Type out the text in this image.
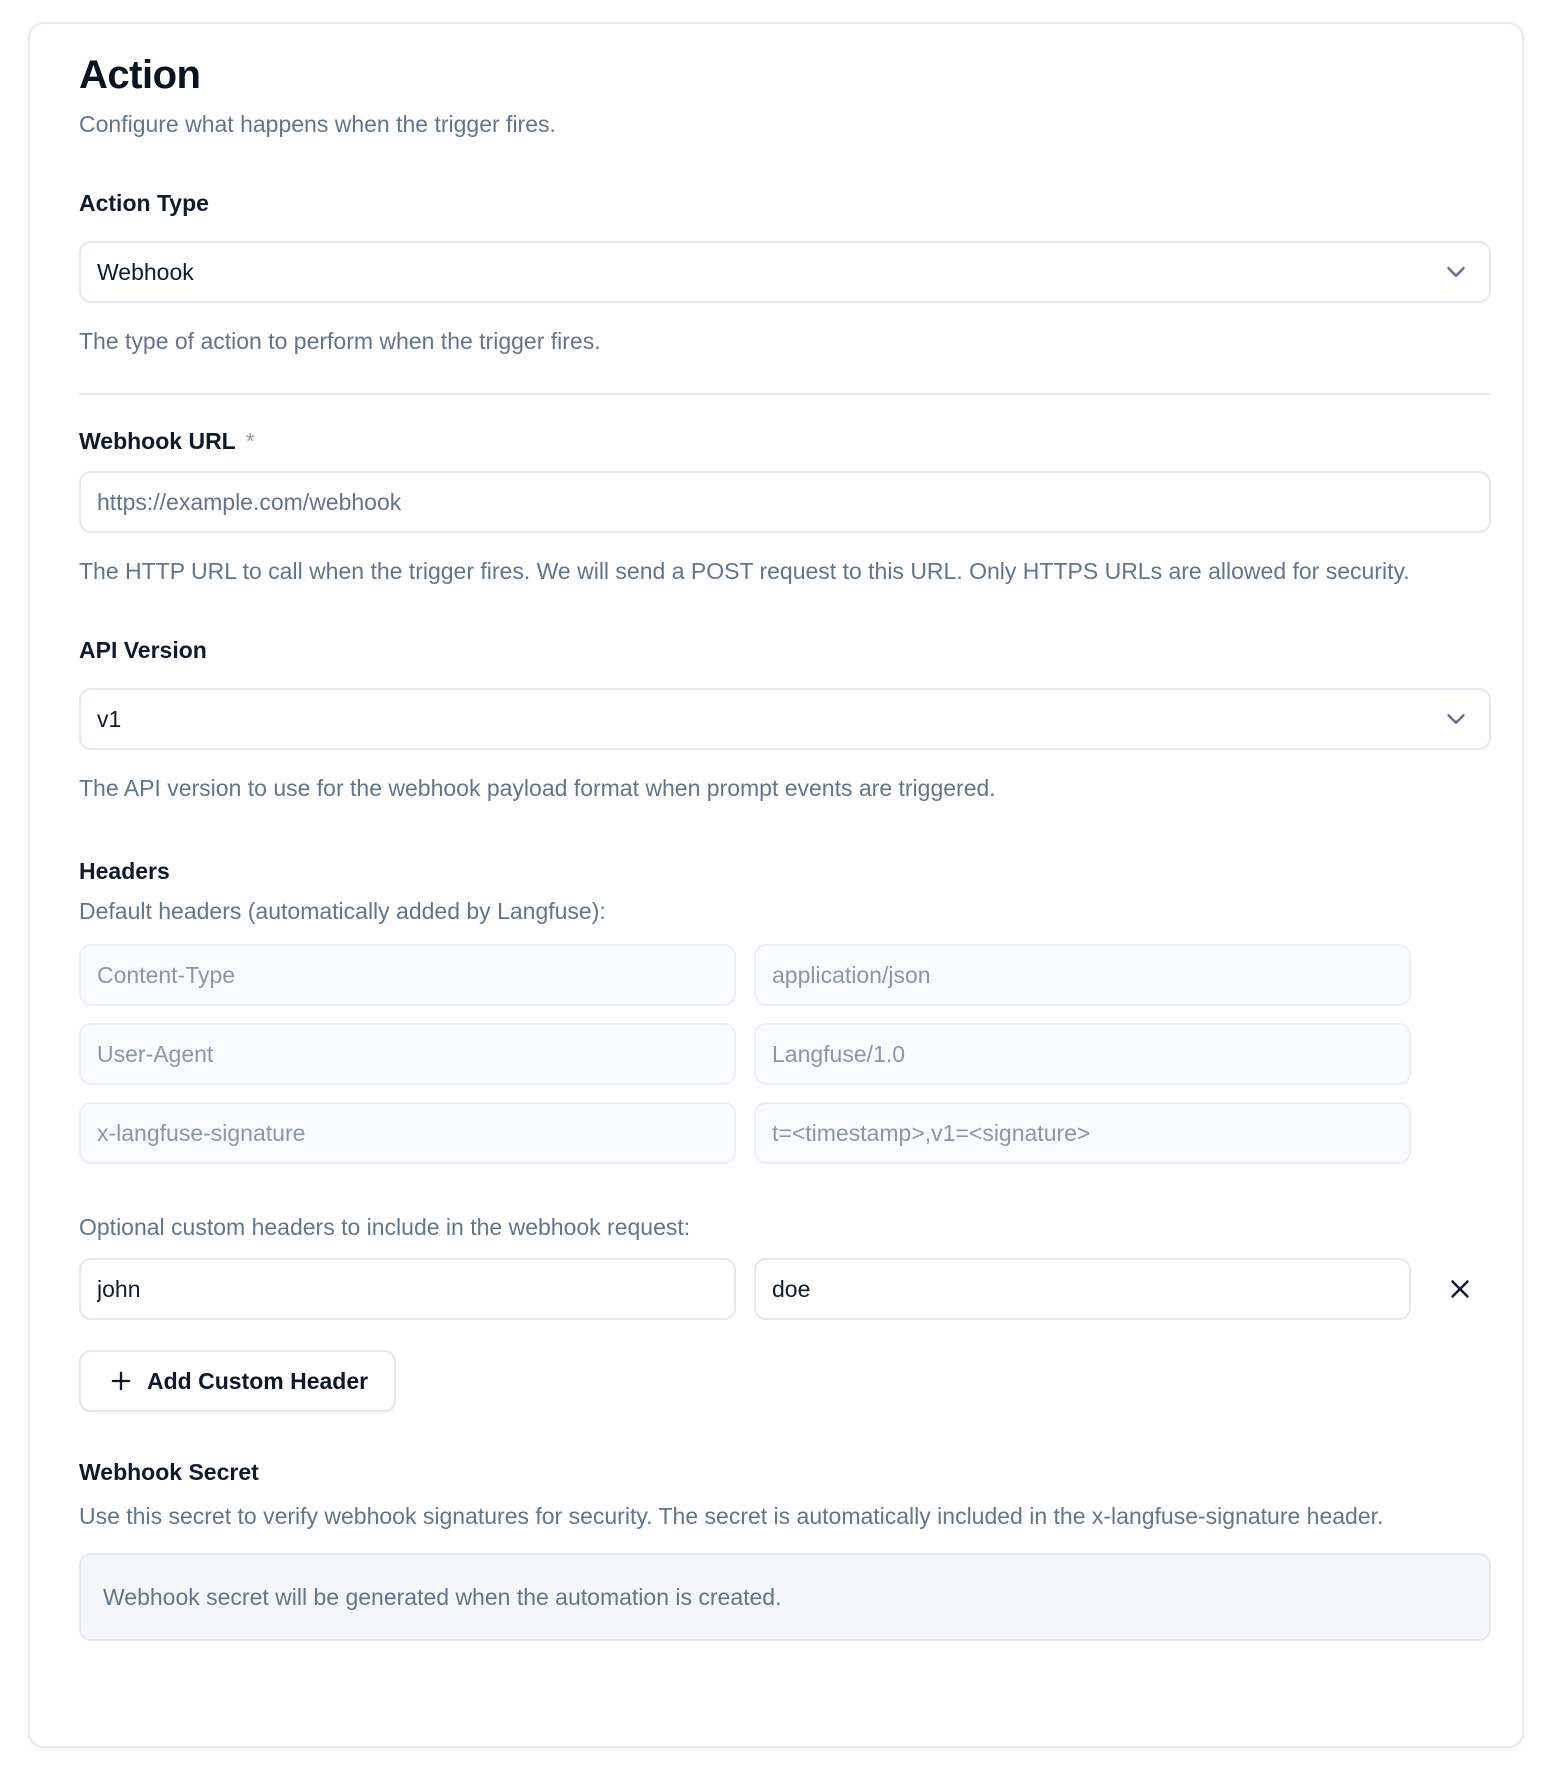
Action
Configure what happens when the trigger fires.
Action Type
Webhook
The type of action to perform when the trigger fires.
Webhook URL *
https://example.com/webhook
The HTTP URL to call when the trigger fires. We will send a POST request to this URL. Only HTTPS URLs are allowed for security.
API Version
v1
The API version to use for the webhook payload format when prompt events are triggered.
Headers
Default headers (automatically added by Langfuse):
Content-Type
application/json
User-Agent
Langfuse/1.0
x-langfuse-signature
t=<timestamp>,v1=<signature>
Optional custom headers to include in the webhook request:
john
doe
Add Custom Header
Webhook Secret
Use this secret to verify webhook signatures for security. The secret is automatically included in the x-langfuse-signature header.
Webhook secret will be generated when the automation is created.
